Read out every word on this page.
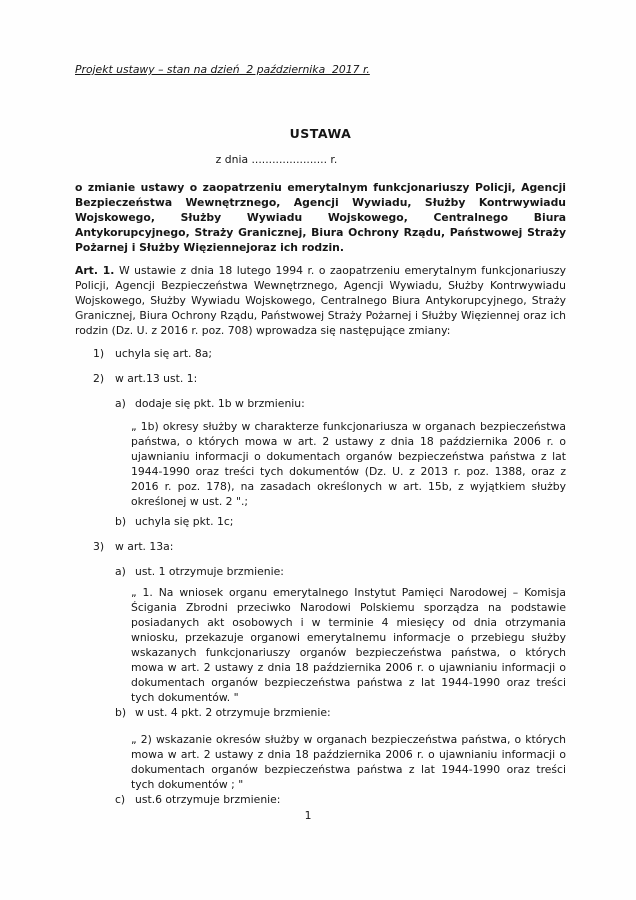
Projekt ustawy – stan na dzień  2 października  2017 r.
USTAWA
z dnia ...................... r.

o zmianie ustawy o zaopatrzeniu emerytalnym funkcjonariuszy Policji, Agencji Bezpieczeństwa Wewnętrznego, Agencji Wywiadu, Służby Kontrwywiadu Wojskowego, Służby Wywiadu Wojskowego, Centralnego Biura Antykorupcyjnego, Straży Granicznej, Biura Ochrony Rządu, Państwowej Straży Pożarnej i Służby Więziennejoraz ich rodzin.

Art. 1. W ustawie z dnia 18 lutego 1994 r. o zaopatrzeniu emerytalnym funkcjonariuszy Policji, Agencji Bezpieczeństwa Wewnętrznego, Agencji Wywiadu, Służby Kontrwywiadu Wojskowego, Służby Wywiadu Wojskowego, Centralnego Biura Antykorupcyjnego, Straży Granicznej, Biura Ochrony Rządu, Państwowej Straży Pożarnej i Służby Więziennej oraz ich rodzin (Dz. U. z 2016 r. poz. 708) wprowadza się następujące zmiany:

1)	uchyla się art. 8a;
2)	w art.13 ust. 1:
a) dodaje się pkt. 1b w brzmieniu:
„ 1b) okresy służby w charakterze funkcjonariusza w organach bezpieczeństwa państwa, o których mowa w art. 2 ustawy z dnia 18 października 2006 r. o ujawnianiu informacji o dokumentach organów bezpieczeństwa państwa z lat 1944-1990 oraz treści tych dokumentów (Dz. U. z 2013 r. poz. 1388, oraz z 2016 r. poz. 178), na zasadach określonych w art. 15b, z wyjątkiem służby określonej w ust. 2 ".;
b) uchyla się pkt. 1c;
3)	w art. 13a:
a) ust. 1 otrzymuje brzmienie:
„ 1. Na wniosek organu emerytalnego Instytut Pamięci Narodowej – Komisja Ścigania Zbrodni przeciwko Narodowi Polskiemu sporządza na podstawie posiadanych akt osobowych i w terminie 4 miesięcy od dnia otrzymania wniosku, przekazuje organowi emerytalnemu informacje o przebiegu służby wskazanych funkcjonariuszy organów bezpieczeństwa państwa, o których mowa w art. 2 ustawy z dnia 18 października 2006 r. o ujawnianiu informacji o dokumentach organów bezpieczeństwa państwa z lat 1944-1990 oraz treści tych dokumentów. "
b) w ust. 4 pkt. 2 otrzymuje brzmienie:
„ 2) wskazanie okresów służby w organach bezpieczeństwa państwa, o których mowa w art. 2 ustawy z dnia 18 października 2006 r. o ujawnianiu informacji o dokumentach organów bezpieczeństwa państwa z lat 1944-1990 oraz treści tych dokumentów ; "
c) ust.6 otrzymuje brzmienie:
1
